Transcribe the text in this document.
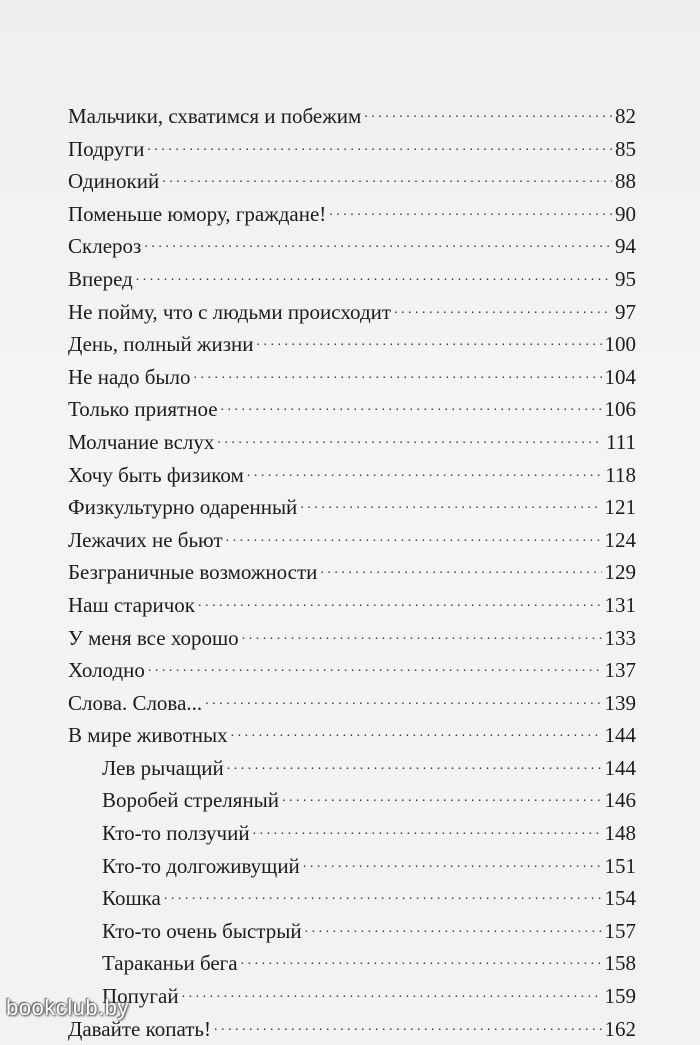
Мальчики, схватимся и побежим . . .	82
Подруги . . .	85
Одинокий . . .	88
Поменьше юмору, граждане! . . .	90
Склероз . . .	94
Вперед . . .	95
Не пойму, что с людьми происходит . . .	97
День, полный жизни . . .	100
Не надо было . . .	104
Только приятное . . .	106
Молчание вслух . . .	111
Хочу быть физиком . . .	118
Физкультурно одаренный . . .	121
Лежачих не бьют . . .	124
Безграничные возможности . . .	129
Наш старичок . . .	131
У меня все хорошо . . .	133
Холодно . . .	137
Слова. Слова... . . .	139
В мире животных . . .	144
Лев рычащий . . .	144
Воробей стреляный . . .	146
Кто-то ползучий . . .	148
Кто-то долгоживущий . . .	151
Кошка . . .	154
Кто-то очень быстрый . . .	157
Тараканьи бега . . .	158
Попугай . . .	159
Давайте копать! . . .	162
bookclub.by
